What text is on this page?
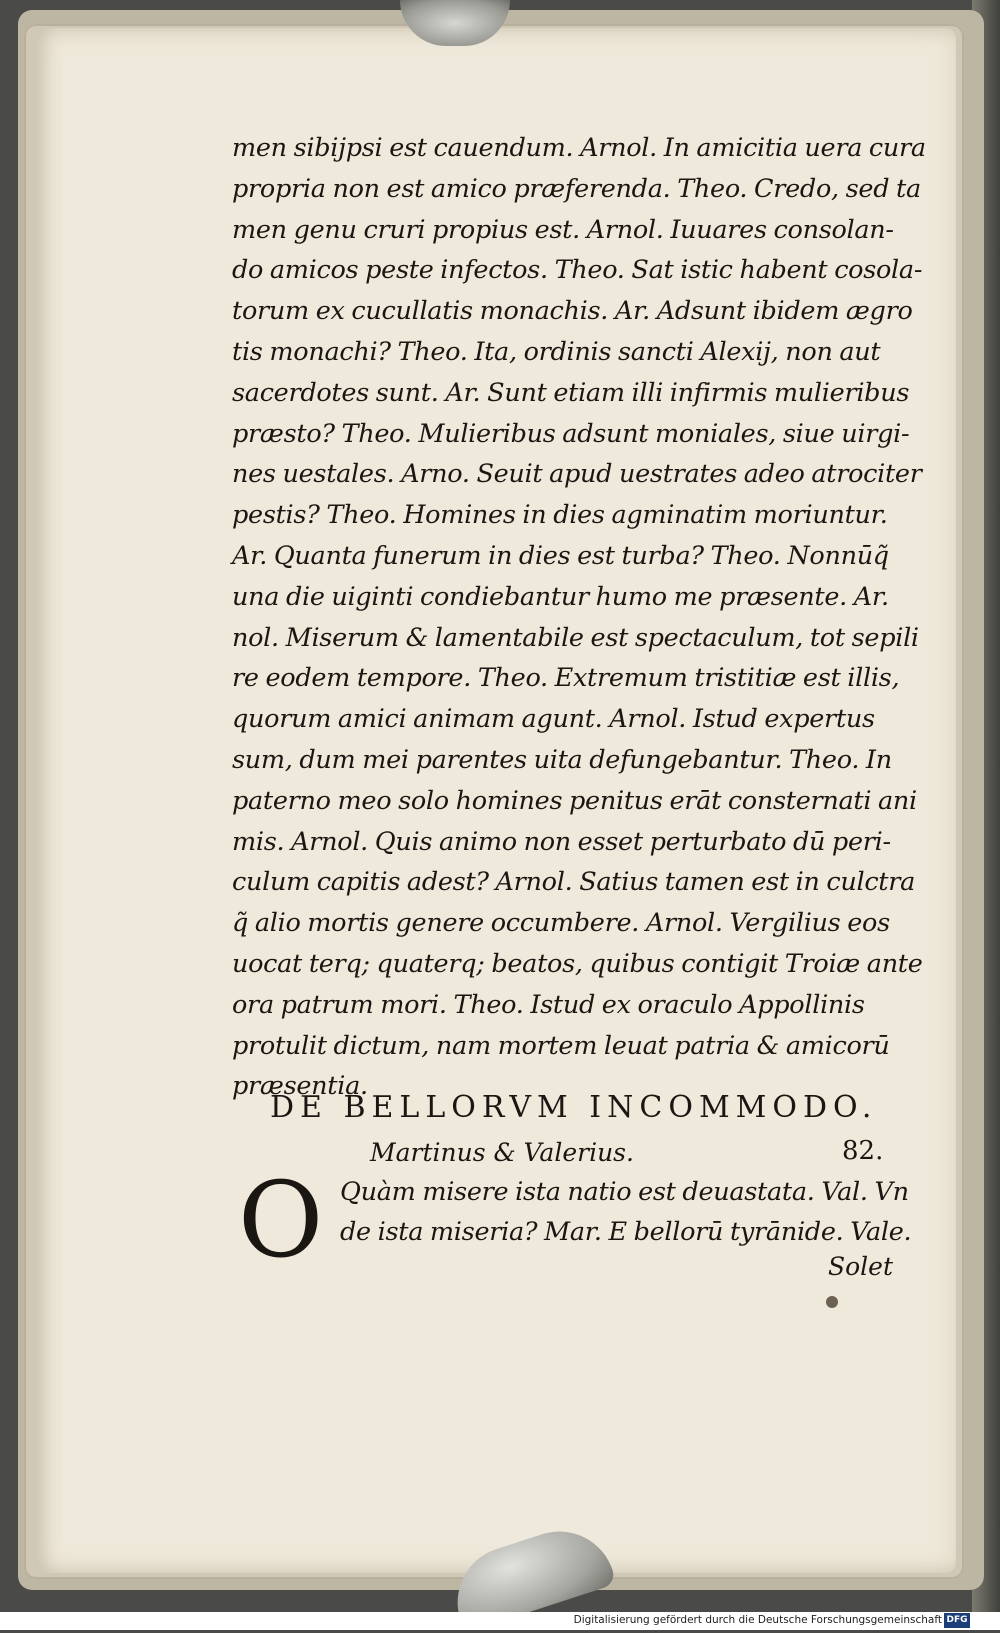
men sibijpsi est cauendum. Arnol. In amicitia uera cura
propria non est amico præferenda. Theo. Credo, sed ta
men genu cruri propius est. Arnol. Iuuares consolan-
do amicos peste infectos. Theo. Sat istic habent cosola-
torum ex cucullatis monachis. Ar. Adsunt ibidem ægro
tis monachi? Theo. Ita, ordinis sancti Alexij, non aut
sacerdotes sunt. Ar. Sunt etiam illi infirmis mulieribus
præsto? Theo. Mulieribus adsunt moniales, siue uirgi-
nes uestales. Arno. Seuit apud uestrates adeo atrociter
pestis? Theo. Homines in dies agminatim moriuntur.
Ar. Quanta funerum in dies est turba? Theo. Nonnūq̃
una die uiginti condiebantur humo me præsente. Ar.
nol. Miserum & lamentabile est spectaculum, tot sepili
re eodem tempore. Theo. Extremum tristitiæ est illis,
quorum amici animam agunt. Arnol. Istud expertus
sum, dum mei parentes uita defungebantur. Theo. In
paterno meo solo homines penitus erāt consternati ani
mis. Arnol. Quis animo non esset perturbato dū peri-
culum capitis adest? Arnol. Satius tamen est in culctra
q̃ alio mortis genere occumbere. Arnol. Vergilius eos
uocat terq; quaterq; beatos, quibus contigit Troiæ ante
ora patrum mori. Theo. Istud ex oraculo Appollinis
protulit dictum, nam mortem leuat patria & amicorū
præsentia.
DE BELLORVM INCOMMODO.
Martinus & Valerius.	82.
O Quàm misere ista natio est deuastata. Val. Vn
de ista miseria? Mar. E bellorū tyrānide. Vale.
Solet
Digitalisierung gefördert durch die Deutsche Forschungsgemeinschaft DFG
